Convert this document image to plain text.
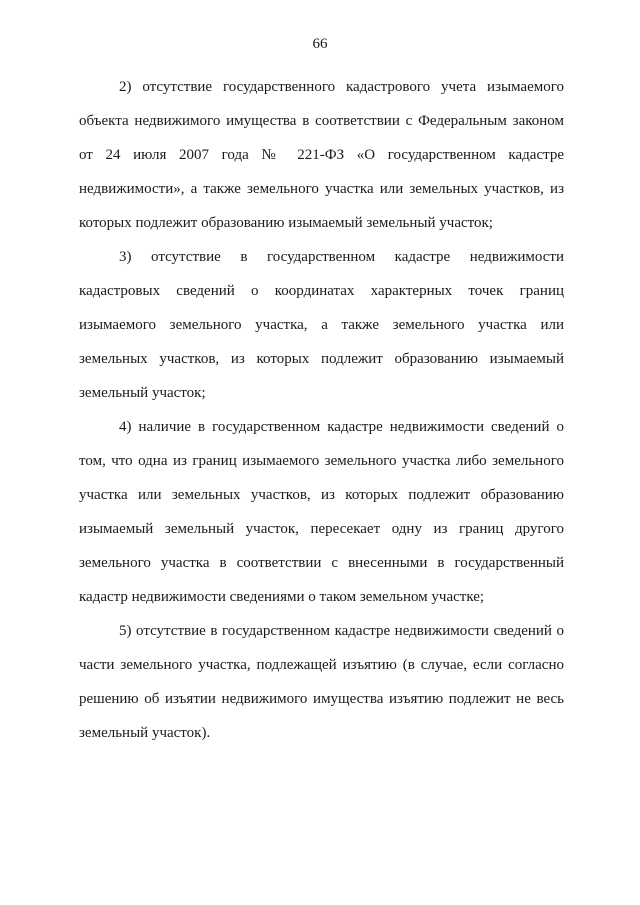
66

2) отсутствие государственного кадастрового учета изымаемого объекта недвижимого имущества в соответствии с Федеральным законом от 24 июля 2007 года № 221-ФЗ «О государственном кадастре недвижимости», а также земельного участка или земельных участков, из которых подлежит образованию изымаемый земельный участок;

3) отсутствие в государственном кадастре недвижимости кадастровых сведений о координатах характерных точек границ изымаемого земельного участка, а также земельного участка или земельных участков, из которых подлежит образованию изымаемый земельный участок;

4) наличие в государственном кадастре недвижимости сведений о том, что одна из границ изымаемого земельного участка либо земельного участка или земельных участков, из которых подлежит образованию изымаемый земельный участок, пересекает одну из границ другого земельного участка в соответствии с внесенными в государственный кадастр недвижимости сведениями о таком земельном участке;

5) отсутствие в государственном кадастре недвижимости сведений о части земельного участка, подлежащей изъятию (в случае, если согласно решению об изъятии недвижимого имущества изъятию подлежит не весь земельный участок).
